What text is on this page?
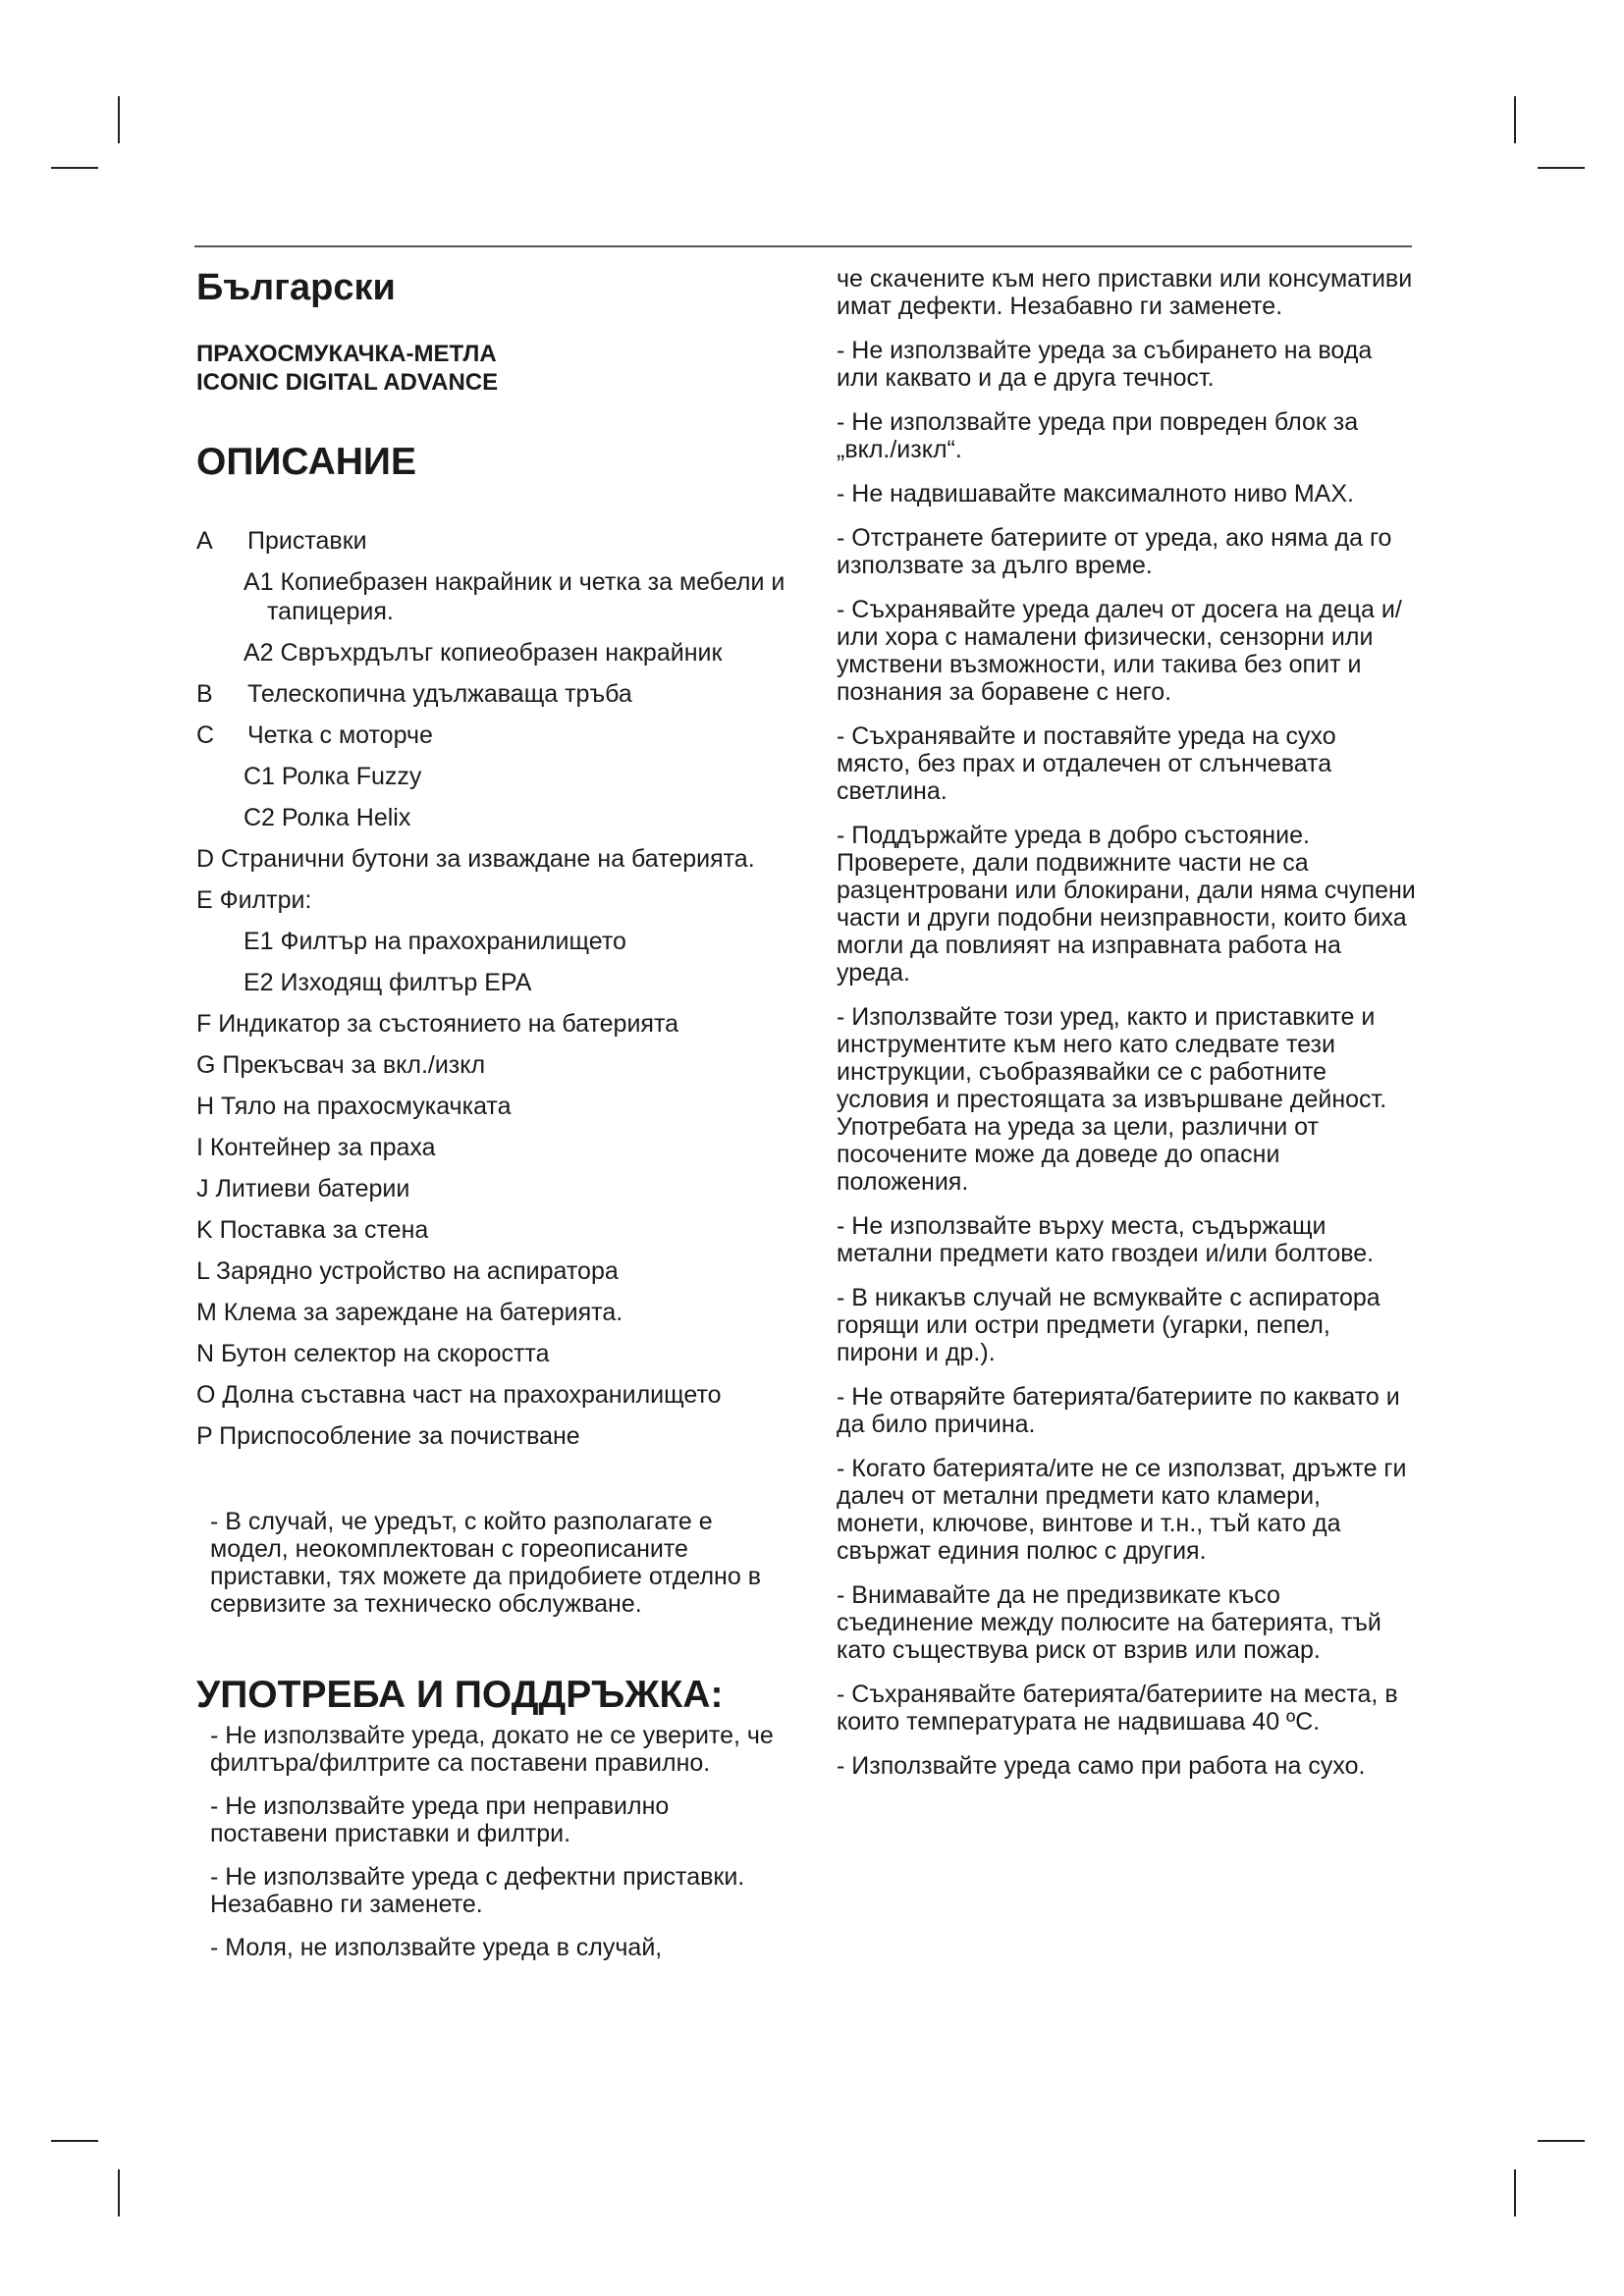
Български

ПРАХОСМУКАЧКА-МЕТЛА

ICONIC DIGITAL ADVANCE

ОПИСАНИЕ
A Приставки
A1 Копиебразен накрайник и четка за мебели и тапицерия.
A2 Свръхрдълъг копиеобразен накрайник
B Телескопична удължаваща тръба
C Четка с моторче
C1 Ролка Fuzzy
C2 Ролка Helix
D Странични бутони за изваждане на батерията.
E Филтри:
E1 Филтър на прахохранилището
E2 Изходящ филтър EPA
F Индикатор за състоянието на батерията
G Прекъсвач за вкл./изкл
H Тяло на прахосмукачката
I Контейнер за праха
J Литиеви батерии
K Поставка за стена
L Зарядно устройство на аспиратора
M Клема за зареждане на батерията.
N Бутон селектор на скоростта
O Долна съставна част на прахохранилището
P Приспособление за почистване

- В случай, че уредът, с който разполагате е модел, неокомплектован с гореописаните приставки, тях можете да придобиете отделно в сервизите за техническо обслужване.

УПОТРЕБА И ПОДДРЪЖКА:

- Не използвайте уреда, докато не се уверите, че филтъра/филтрите са поставени правилно.

- Не използвайте уреда при неправилно поставени приставки и филтри.

- Не използвайте уреда с дефектни приставки. Незабавно ги заменете.

- Моля, не използвайте уреда в случай,

че скачените към него приставки или консумативи имат дефекти. Незабавно ги заменете.

- Не използвайте уреда за събирането на вода или каквато и да е друга течност.

- Не използвайте уреда при повреден блок за „вкл./изкл“.

- Не надвишавайте максималното ниво MAX.

- Отстранете батериите от уреда, ако няма да го използвате за дълго време.

- Съхранявайте уреда далеч от досега на деца и/или хора с намалени физически, сензорни или умствени възможности, или такива без опит и познания за боравене с него.

- Съхранявайте и поставяйте уреда на сухо място, без прах и отдалечен от слънчевата светлина.

- Поддържайте уреда в добро състояние. Проверете, дали подвижните части не са разцентровани или блокирани, дали няма счупени части и други подобни неизправности, които биха могли да повлияят на изправната работа на уреда.

- Използвайте този уред, както и приставките и инструментите към него като следвате тези инструкции, съобразявайки се с работните условия и престоящата за извършване дейност. Употребата на уреда за цели, различни от посочените може да доведе до опасни положения.

- Не използвайте върху места, съдържащи метални предмети като гвоздеи и/или болтове.

- В никакъв случай не всмуквайте с аспиратора горящи или остри предмети (угарки, пепел, пирони и др.).

- Не отваряйте батерията/батериите по каквато и да било причина.

- Когато батерията/ите не се използват, дръжте ги далеч от метални предмети като кламери, монети, ключове, винтове и т.н., тъй като да свържат единия полюс с другия.

- Внимавайте да не предизвикате късо съединение между полюсите на батерията, тъй като съществува риск от взрив или пожар.

- Съхранявайте батерията/батериите на места, в които температурата не надвишава 40 ºC.

- Използвайте уреда само при работа на сухо.
